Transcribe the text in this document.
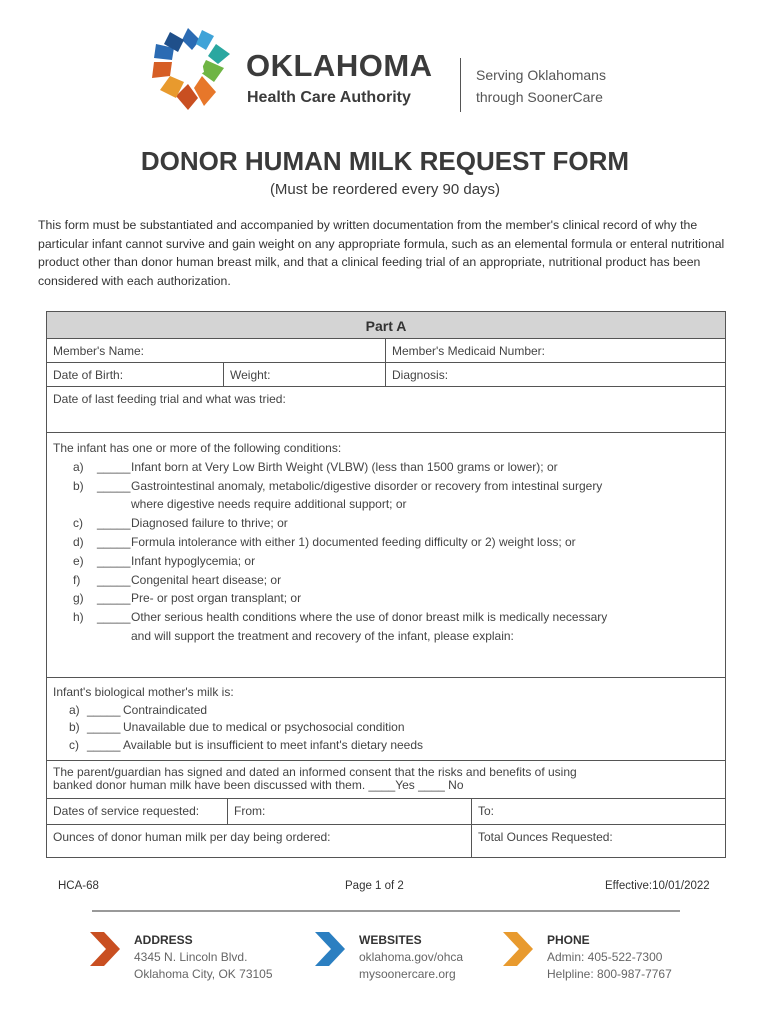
OKLAHOMA
Health Care Authority
Serving Oklahomans
through SoonerCare
DONOR HUMAN MILK REQUEST FORM
(Must be reordered every 90 days)
This form must be substantiated and accompanied by written documentation from the member's clinical record of why the particular infant cannot survive and gain weight on any appropriate formula, such as an elemental formula or enteral nutritional product other than donor human breast milk, and that a clinical feeding trial of an appropriate, nutritional product has been considered with each authorization.
Part A
Member's Name:	Member's Medicaid Number:
Date of Birth:	Weight:	Diagnosis:
Date of last feeding trial and what was tried:
The infant has one or more of the following conditions:
a)	_____ Infant born at Very Low Birth Weight (VLBW) (less than 1500 grams or lower); or
b)	_____ Gastrointestinal anomaly, metabolic/digestive disorder or recovery from intestinal surgery
where digestive needs require additional support; or
c)	_____ Diagnosed failure to thrive; or
d)	_____ Formula intolerance with either 1) documented feeding difficulty or 2) weight loss; or
e)	_____ Infant hypoglycemia; or
f)	_____ Congenital heart disease; or
g)	_____ Pre- or post organ transplant; or
h)	_____ Other serious health conditions where the use of donor breast milk is medically necessary
and will support the treatment and recovery of the infant, please explain:
Infant's biological mother's milk is:
a) _____ Contraindicated
b) _____ Unavailable due to medical or psychosocial condition
c) _____ Available but is insufficient to meet infant's dietary needs
The parent/guardian has signed and dated an informed consent that the risks and benefits of using
banked donor human milk have been discussed with them. ____Yes ____ No
Dates of service requested:	From:	To:
Ounces of donor human milk per day being ordered:	Total Ounces Requested:
HCA-68	Page 1 of 2	Effective:10/01/2022
ADDRESS
4345 N. Lincoln Blvd.
Oklahoma City, OK 73105
WEBSITES
oklahoma.gov/ohca
mysoonercare.org
PHONE
Admin: 405-522-7300
Helpline: 800-987-7767
